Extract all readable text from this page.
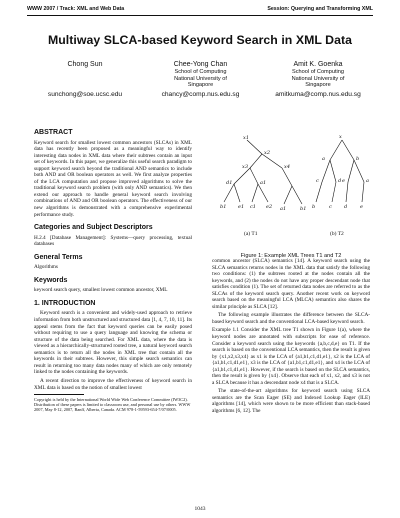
WWW 2007 / Track: XML and Web Data	Session: Querying and Transforming XML
Multiway SLCA-based Keyword Search in XML Data
Chong Sun
sunchong@soe.ucsc.edu
Chee-Yong Chan
School of Computing
National University of
Singapore
chancy@comp.nus.edu.sg
Amit K. Goenka
School of Computing
National University of
Singapore
amitkuma@comp.nus.edu.sg
ABSTRACT
Keyword search for smallest lowest common ancestors (SLCAs) in XML data has recently been proposed as a meaningful way to identify interesting data nodes in XML data where their subtrees contain an input set of keywords. In this paper, we generalize this useful search paradigm to support keyword search beyond the traditional AND semantics to include both AND and OR boolean operators as well. We first analyze properties of the LCA computation and propose improved algorithms to solve the traditional keyword search problem (with only AND semantics). We then extend our approach to handle general keyword search involving combinations of AND and OR boolean operators. The effectiveness of our new algorithms is demonstrated with a comprehensive experimental performance study.
Categories and Subject Descriptors
H.2.4 [Database Management]: Systems—query processing, textual databases
General Terms
Algorithms
Keywords
keyword search query, smallest lowest common ancestor, XML
1. INTRODUCTION
Keyword search is a convenient and widely-used approach to retrieve information from both unstructured and structured data [1, 4, 7, 10, 11]. Its appeal stems from the fact that keyword queries can be easily posed without requiring to use a query language and knowing the schema or structure of the data being searched. For XML data, where the data is viewed as a hierarchically-structured rooted tree, a natural keyword search semantics is to return all the nodes in XML tree that contain all the keywords in their subtrees. However, this simple search semantics can result in returning too many data nodes many of which are only remotely linked to the nodes containing the keywords.
A recent direction to improve the effectiveness of keyword search in XML data is based on the notion of smallest lowest
Copyright is held by the International World Wide Web Conference Committee (IW3C2). Distribution of these papers is limited to classroom use, and personal use by others. WWW 2007, May 8-12, 2007, Banff, Alberta, Canada. ACM 978-1-59593-654-7/07/0005.
x1
x2
x3	x4
d1	a1
b1 e1 c1 e2 a1	b1
x
a	b
c	d e	a
b	c d	e
(a) T1	(b) T2
Figure 1: Example XML Trees T1 and T2
common ancestor (SLCA) semantics [14]. A keyword search using the SLCA semantics returns nodes in the XML data that satisfy the following two conditions: (1) the subtrees rooted at the nodes contain all the keywords, and (2) the nodes do not have any proper descendant node that satisfies condition (1). The set of returned data nodes are referred to as the SLCAs of the keyword search query. Another recent work on keyword search based on the meaningful LCA (MLCA) semantics also shares the similar principle as SLCA [12].
The following example illustrates the difference between the SLCA-based keyword search and the conventional LCA-based keyword search.
Example 1.1 Consider the XML tree T1 shown in Figure 1(a), where the keyword nodes are annotated with subscripts for ease of reference. Consider a keyword search using the keywords {a,b,c,d,e} on T1. If the search is based on the conventional LCA semantics, then the result is given by {x1,x2,x3,x4} as x1 is the LCA of {a1,b1,c1,d1,e1}, x2 is the LCA of {a1,b1,c1,d1,e1}, x3 is the LCA of {a1,b1,c1,d1,e1}, and x4 is the LCA of {a1,b1,c1,d1,e1}. However, if the search is based on the SLCA semantics, then the result is given by {x4}. Observe that each of x1, x2, and x3 is not a SLCA because it has a descendant node x4 that is a SLCA.
The state-of-the-art algorithms for keyword search using SLCA semantics are the Scan Eager (SE) and Indexed Lookup Eager (ILE) algorithms [14], which were shown to be more efficient than stack-based algorithms [6, 12]. The
1043
